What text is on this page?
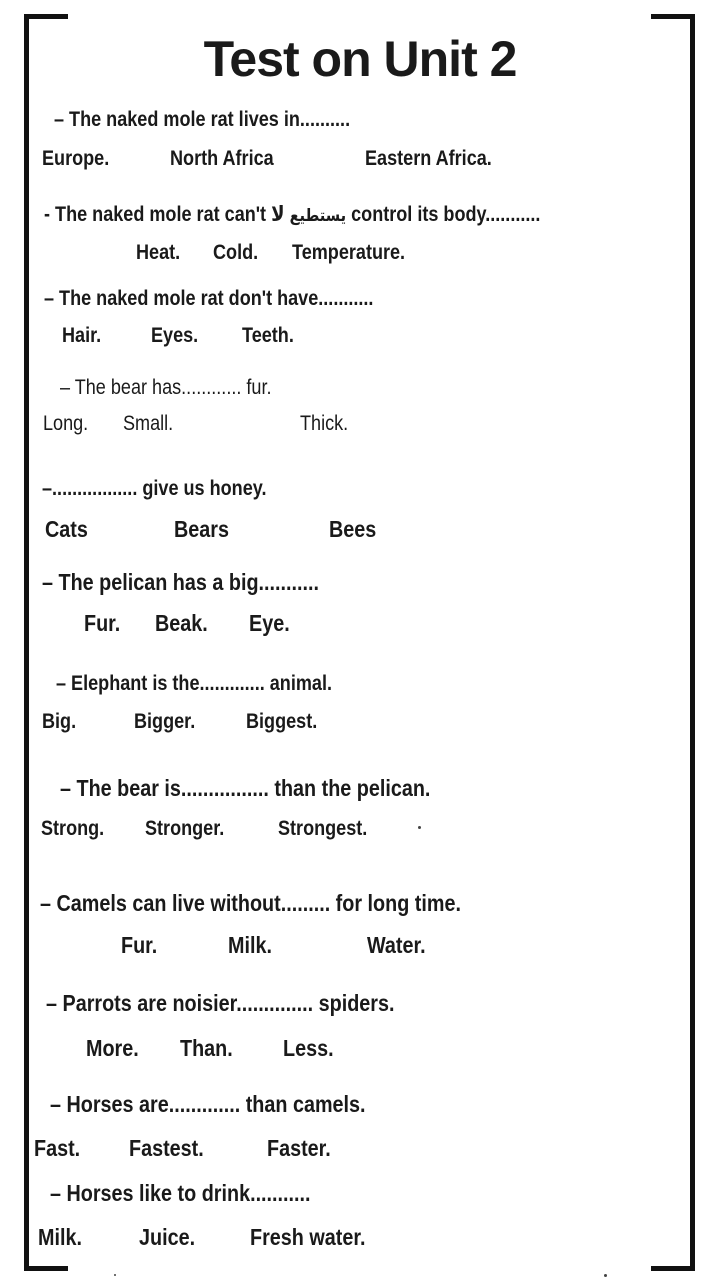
Test on Unit 2
– The naked mole rat lives in..........
Europe.	North Africa	Eastern Africa.
- The naked mole rat can't يستطيع لا control its body...........
Heat. Cold. Temperature.
– The naked mole rat don't have...........
Hair. Eyes. Teeth.
– The bear has............ fur.
Long. Small.	Thick.
–................. give us honey.
Cats	Bears	Bees
– The pelican has a big...........
Fur. Beak. Eye.
– Elephant is the............. animal.
Big.	Bigger. Biggest.
– The bear is................ than the pelican.
Strong. Stronger.	Strongest.
– Camels can live without......... for long time.
Fur.	Milk.	Water.
– Parrots are noisier.............. spiders.
More. Than. Less.
– Horses are............. than camels.
Fast. Fastest.	Faster.
– Horses like to drink...........
Milk. Juice. Fresh water.
